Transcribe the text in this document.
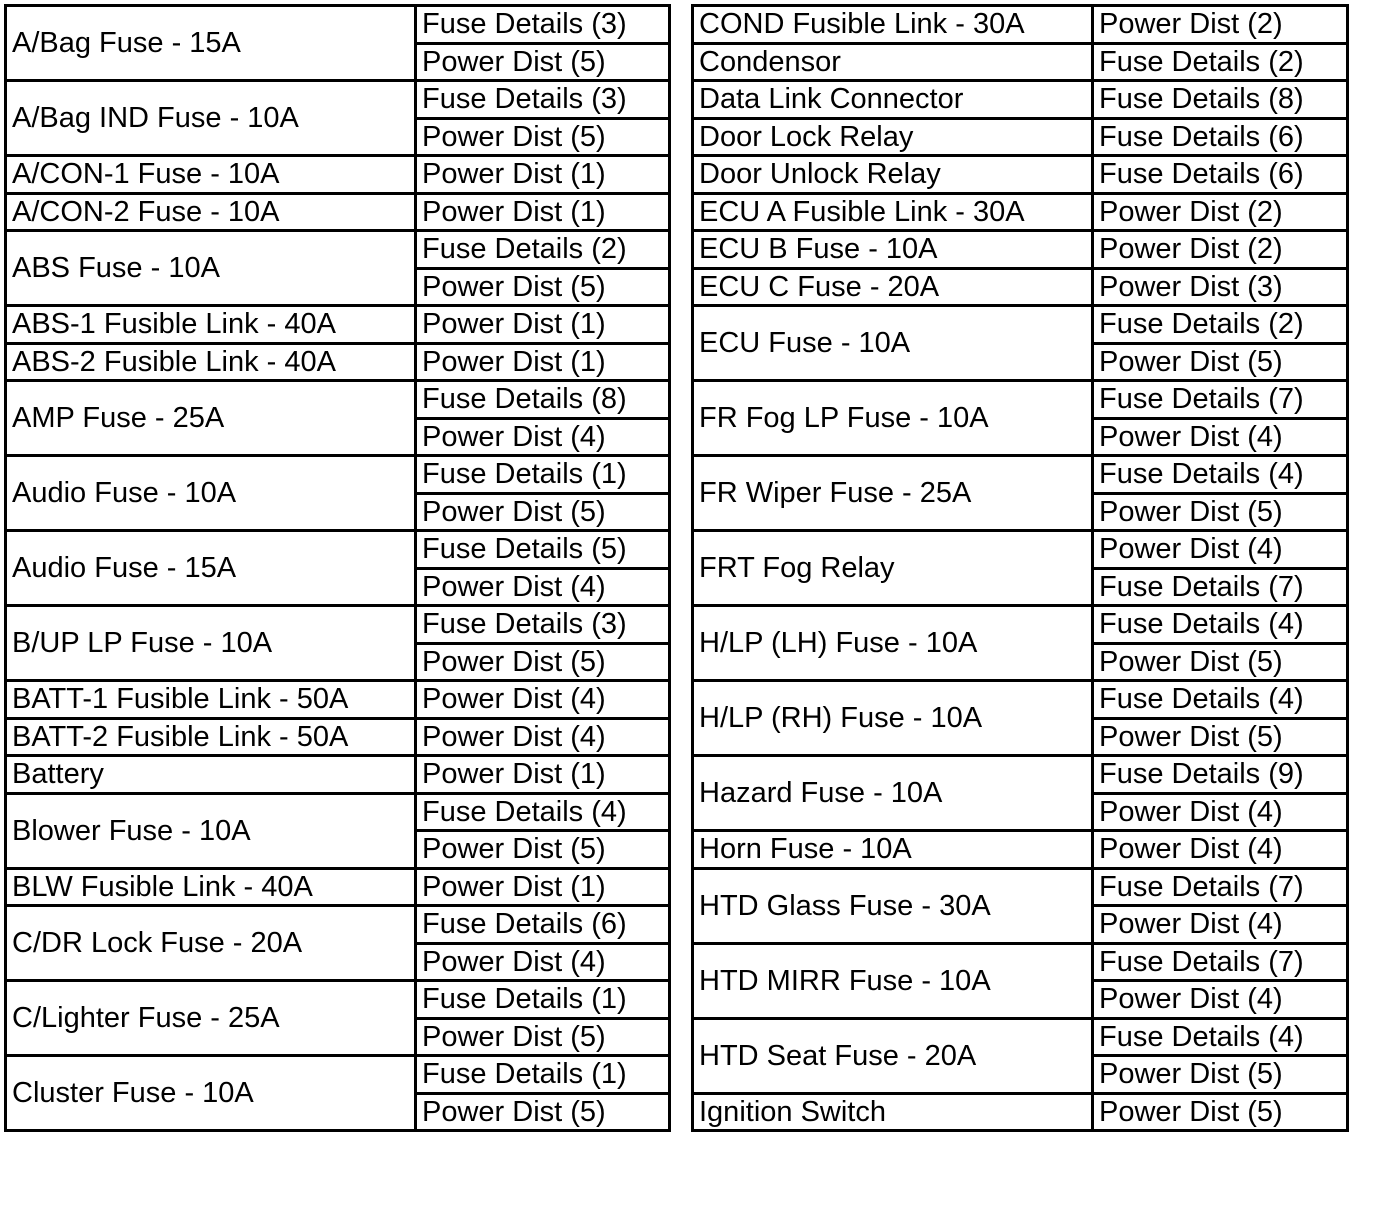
A/Bag Fuse - 15A	Fuse Details (3)
	Power Dist (5)
A/Bag IND Fuse - 10A	Fuse Details (3)
	Power Dist (5)
A/CON-1 Fuse - 10A	Power Dist (1)
A/CON-2 Fuse - 10A	Power Dist (1)
ABS Fuse - 10A	Fuse Details (2)
	Power Dist (5)
ABS-1 Fusible Link - 40A	Power Dist (1)
ABS-2 Fusible Link - 40A	Power Dist (1)
AMP Fuse - 25A	Fuse Details (8)
	Power Dist (4)
Audio Fuse - 10A	Fuse Details (1)
	Power Dist (5)
Audio Fuse - 15A	Fuse Details (5)
	Power Dist (4)
B/UP LP Fuse - 10A	Fuse Details (3)
	Power Dist (5)
BATT-1 Fusible Link - 50A	Power Dist (4)
BATT-2 Fusible Link - 50A	Power Dist (4)
Battery	Power Dist (1)
Blower Fuse - 10A	Fuse Details (4)
	Power Dist (5)
BLW Fusible Link - 40A	Power Dist (1)
C/DR Lock Fuse - 20A	Fuse Details (6)
	Power Dist (4)
C/Lighter Fuse - 25A	Fuse Details (1)
	Power Dist (5)
Cluster Fuse - 10A	Fuse Details (1)
	Power Dist (5)
COND Fusible Link - 30A	Power Dist (2)
Condensor	Fuse Details (2)
Data Link Connector	Fuse Details (8)
Door Lock Relay	Fuse Details (6)
Door Unlock Relay	Fuse Details (6)
ECU A Fusible Link - 30A	Power Dist (2)
ECU B Fuse - 10A	Power Dist (2)
ECU C Fuse - 20A	Power Dist (3)
ECU Fuse - 10A	Fuse Details (2)
	Power Dist (5)
FR Fog LP Fuse - 10A	Fuse Details (7)
	Power Dist (4)
FR Wiper Fuse - 25A	Fuse Details (4)
	Power Dist (5)
FRT Fog Relay	Power Dist (4)
	Fuse Details (7)
H/LP (LH) Fuse - 10A	Fuse Details (4)
	Power Dist (5)
H/LP (RH) Fuse - 10A	Fuse Details (4)
	Power Dist (5)
Hazard Fuse - 10A	Fuse Details (9)
	Power Dist (4)
Horn Fuse - 10A	Power Dist (4)
HTD Glass Fuse - 30A	Fuse Details (7)
	Power Dist (4)
HTD MIRR Fuse - 10A	Fuse Details (7)
	Power Dist (4)
HTD Seat Fuse - 20A	Fuse Details (4)
	Power Dist (5)
Ignition Switch	Power Dist (5)
